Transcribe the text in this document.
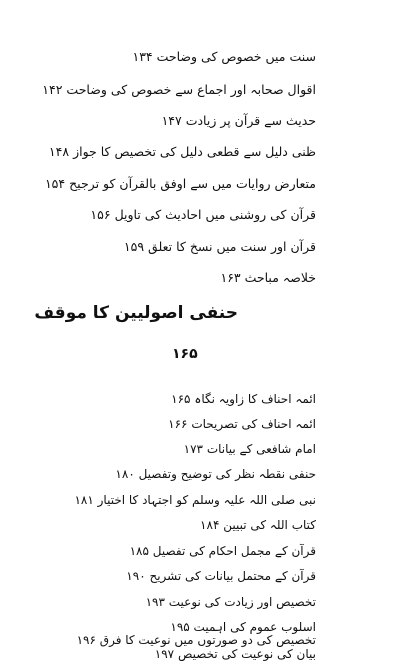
سنت میں خصوص کی وضاحت ۱۳۴
اقوال صحابہ اور اجماع سے خصوص کی وضاحت ۱۴۲
حدیث سے قرآن پر زیادت ۱۴۷
ظنی دلیل سے قطعی دلیل کی تخصیص کا جواز ۱۴۸
متعارض روایات میں سے اوفق بالقرآن کو ترجیح ۱۵۴
قرآن کی روشنی میں احادیث کی تاویل ۱۵۶
قرآن اور سنت میں نسخ کا تعلق ۱۵۹
خلاصہ مباحث ۱۶۳
حنفی اصولیین کا موقف
۱۶۵
ائمہ احناف کا زاویہ نگاہ ۱۶۵
ائمہ احناف کی تصریحات ۱۶۶
امام شافعی کے بیانات ۱۷۳
حنفی نقطہ نظر کی توضیح وتفصیل ۱۸۰
نبی صلی اللہ علیہ وسلم کو اجتہاد کا اختیار ۱۸۱
کتاب اللہ کی تبیین ۱۸۴
قرآن کے مجمل احکام کی تفصیل ۱۸۵
قرآن کے محتمل بیانات کی تشریح ۱۹۰
تخصیص اور زیادت کی نوعیت ۱۹۳
اسلوب عموم کی اہمیت ۱۹۵
تخصیص کی دو صورتوں میں نوعیت کا فرق ۱۹۶
بیان کی نوعیت کی تخصیص ۱۹۷
